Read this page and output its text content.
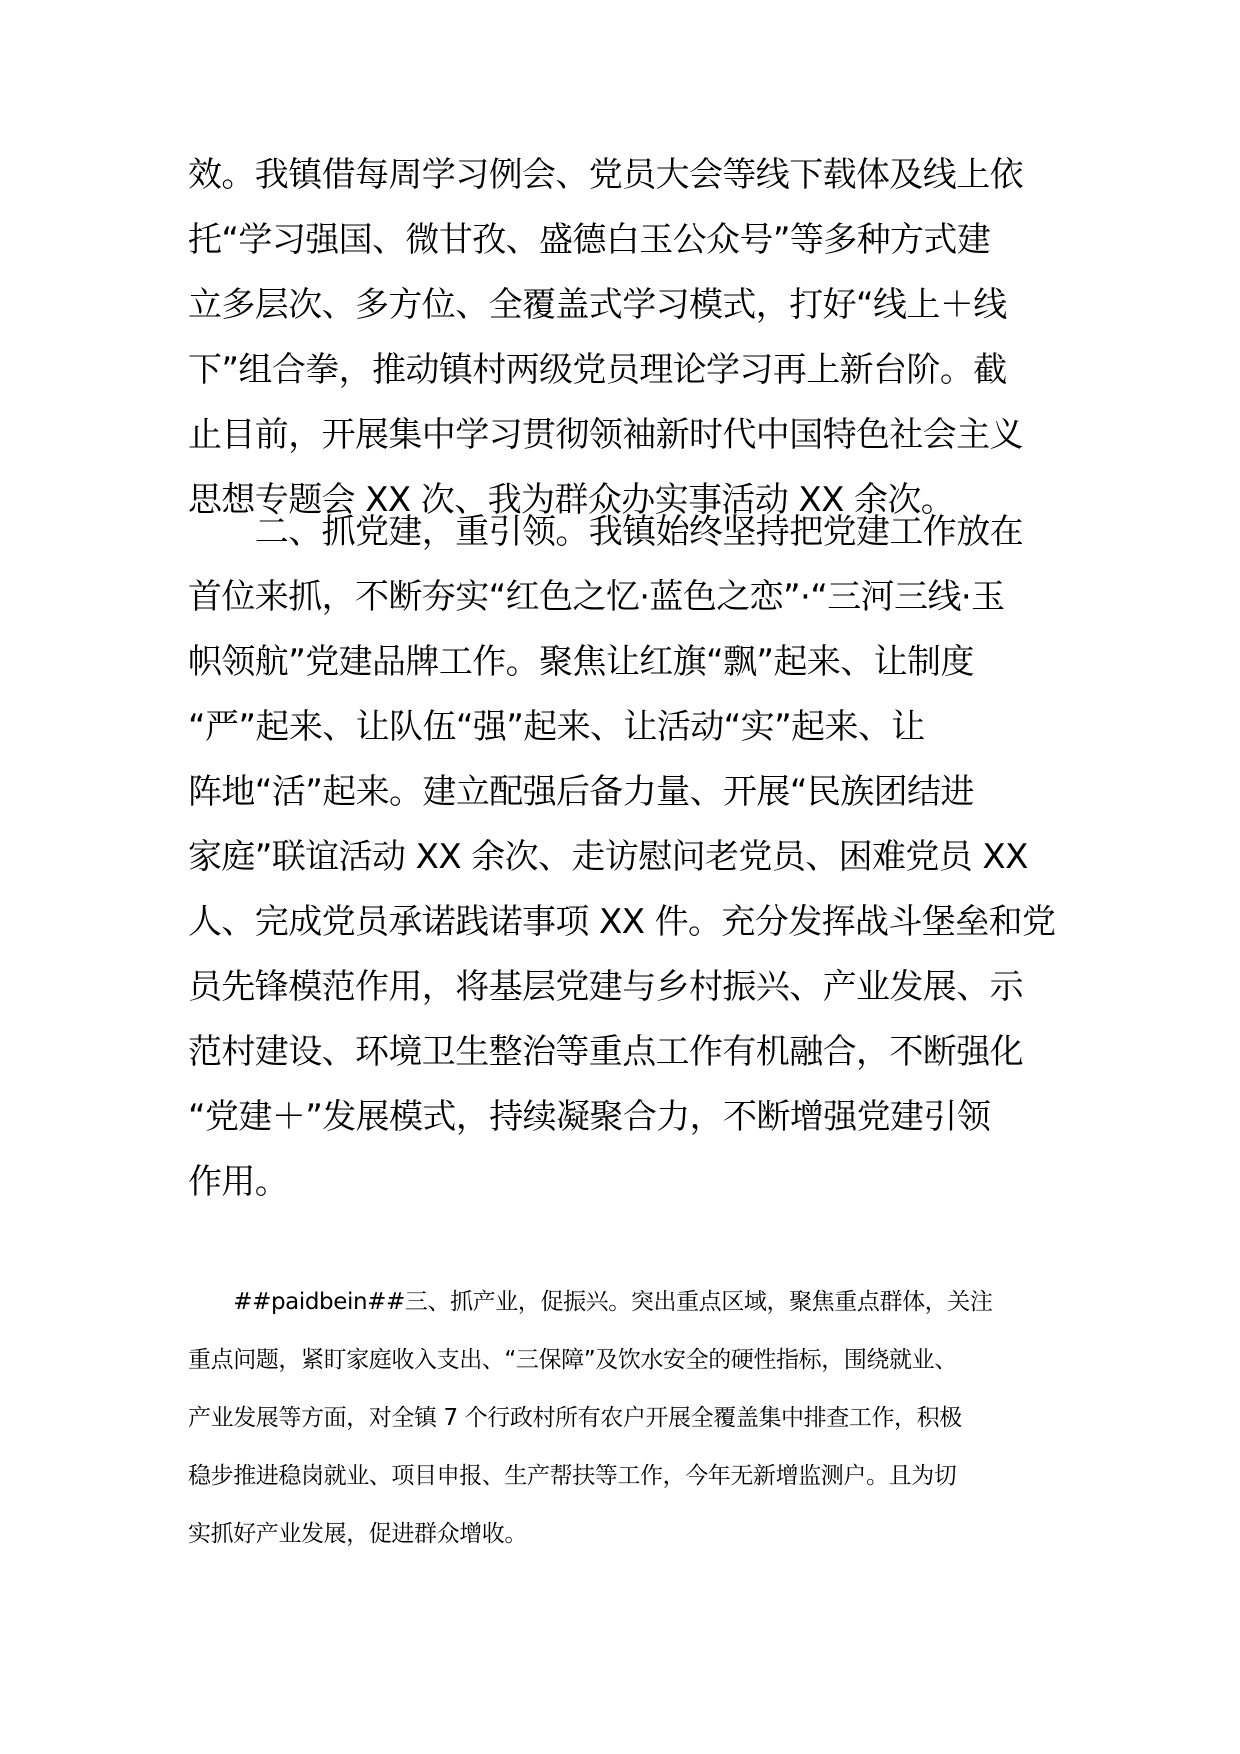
效。我镇借每周学习例会、党员大会等线下载体及线上依
托“学习强国、微甘孜、盛德白玉公众号”等多种方式建
立多层次、多方位、全覆盖式学习模式，打好“线上＋线
下”组合拳，推动镇村两级党员理论学习再上新台阶。截
止目前，开展集中学习贯彻领袖新时代中国特色社会主义
思想专题会 XX 次、我为群众办实事活动 XX 余次。
　　二、抓党建，重引领。我镇始终坚持把党建工作放在
首位来抓，不断夯实“红色之忆·蓝色之恋”·“三河三线·玉
帜领航”党建品牌工作。聚焦让红旗“飘”起来、让制度
“严”起来、让队伍“强”起来、让活动“实”起来、让
阵地“活”起来。建立配强后备力量、开展“民族团结进
家庭”联谊活动 XX 余次、走访慰问老党员、困难党员 XX
人、完成党员承诺践诺事项 XX 件。充分发挥战斗堡垒和党
员先锋模范作用，将基层党建与乡村振兴、产业发展、示
范村建设、环境卫生整治等重点工作有机融合，不断强化
“党建＋”发展模式，持续凝聚合力，不断增强党建引领
作用。
　　##paidbein##三、抓产业，促振兴。突出重点区域，聚焦重点群体，关注
重点问题，紧盯家庭收入支出、“三保障”及饮水安全的硬性指标，围绕就业、
产业发展等方面，对全镇 7 个行政村所有农户开展全覆盖集中排查工作，积极
稳步推进稳岗就业、项目申报、生产帮扶等工作，今年无新增监测户。且为切
实抓好产业发展，促进群众增收。
